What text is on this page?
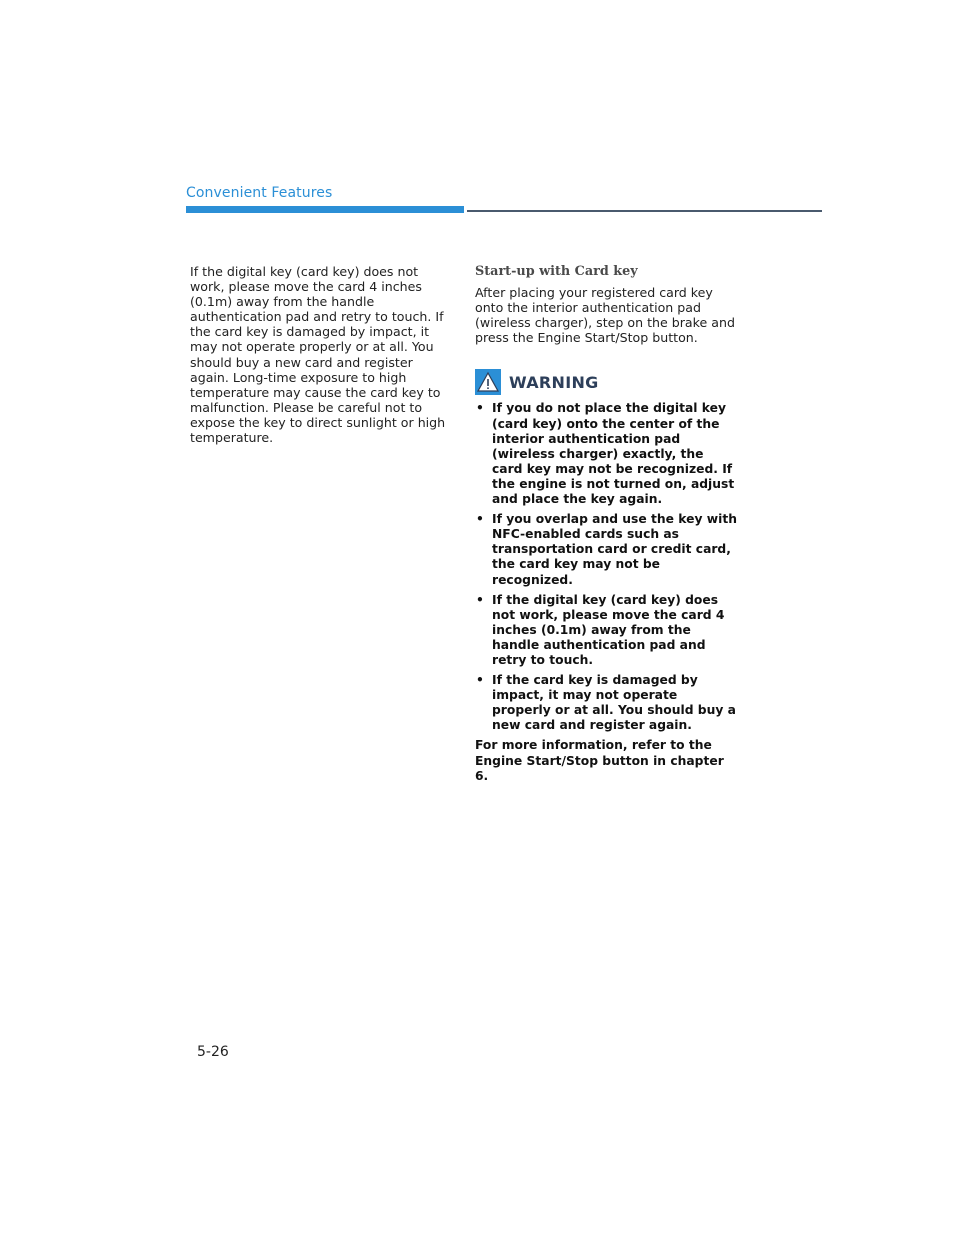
Convenient Features

If the digital key (card key) does not work, please move the card 4 inches (0.1m) away from the handle authentication pad and retry to touch. If the card key is damaged by impact, it may not operate properly or at all. You should buy a new card and register again. Long-time exposure to high temperature may cause the card key to malfunction. Please be careful not to expose the key to direct sunlight or high temperature.

Start-up with Card key

After placing your registered card key onto the interior authentication pad (wireless charger), step on the brake and press the Engine Start/Stop button.

WARNING
• If you do not place the digital key (card key) onto the center of the interior authentication pad (wireless charger) exactly, the card key may not be recognized. If the engine is not turned on, adjust and place the key again.
• If you overlap and use the key with NFC-enabled cards such as transportation card or credit card, the card key may not be recognized.
• If the digital key (card key) does not work, please move the card 4 inches (0.1m) away from the handle authentication pad and retry to touch.
• If the card key is damaged by impact, it may not operate properly or at all. You should buy a new card and register again.

For more information, refer to the Engine Start/Stop button in chapter 6.

5-26
